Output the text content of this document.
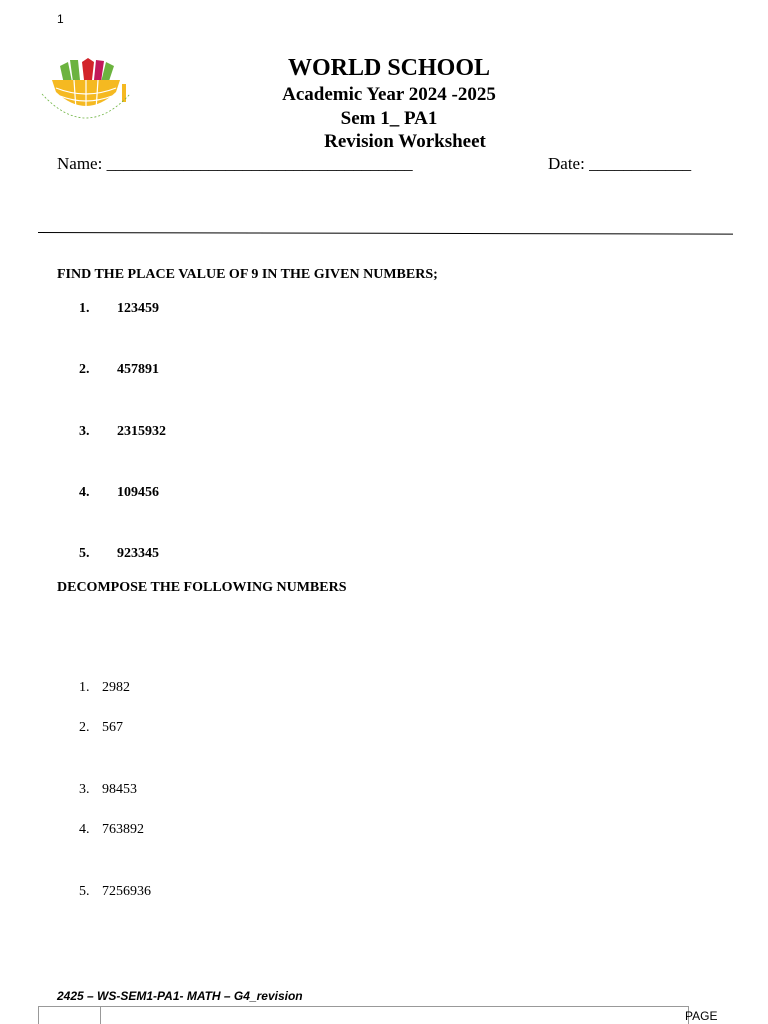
1
WORLD SCHOOL
Academic Year 2024 -2025
Sem 1_ PA1
Revision Worksheet
Name: ____________________________________	Date: ____________
FIND THE PLACE VALUE OF 9 IN THE GIVEN NUMBERS;
1. 123459
2. 457891
3. 2315932
4. 109456
5. 923345
DECOMPOSE THE FOLLOWING NUMBERS
1. 2982
2. 567
3. 98453
4. 763892
5. 7256936
2425 – WS-SEM1-PA1- MATH – G4_revision
PAGE
